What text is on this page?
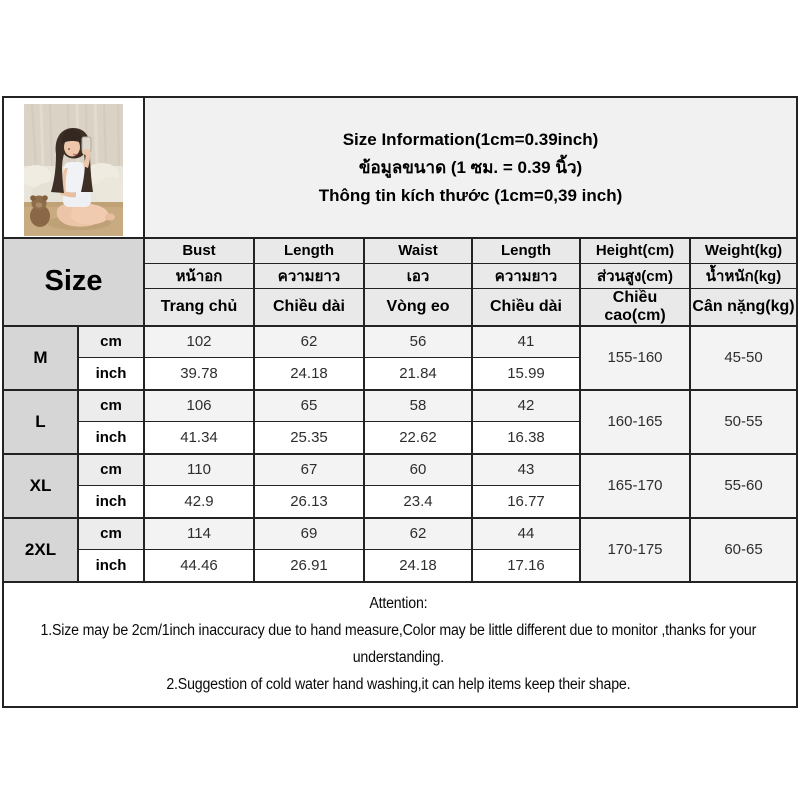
Size Information(1cm=0.39inch)
ข้อมูลขนาด (1 ซม. = 0.39 นิ้ว)
Thông tin kích thước (1cm=0,39 inch)					

Size		Bust	Length	Waist	Length	Height(cm)	Weight(kg)
		หน้าอก	ความยาว	เอว	ความยาว	ส่วนสูง(cm)	น้ำหนัก(kg)
		Trang chủ	Chiều dài	Vòng eo	Chiều dài	Chiều cao(cm)	Cân nặng(kg)
M	cm	102	62	56	41	155-160	45-50
	inch	39.78	24.18	21.84	15.99		
L	cm	106	65	58	42	160-165	50-55
	inch	41.34	25.35	22.62	16.38		
XL	cm	110	67	60	43	165-170	55-60
	inch	42.9	26.13	23.4	16.77		
2XL	cm	114	69	62	44	170-175	60-65
	inch	44.46	26.91	24.18	17.16		

Attention:
1.Size may be 2cm/1inch inaccuracy due to hand measure,Color may be little different due to monitor ,thanks for your understanding.
2.Suggestion of cold water hand washing,it can help items keep their shape.							
